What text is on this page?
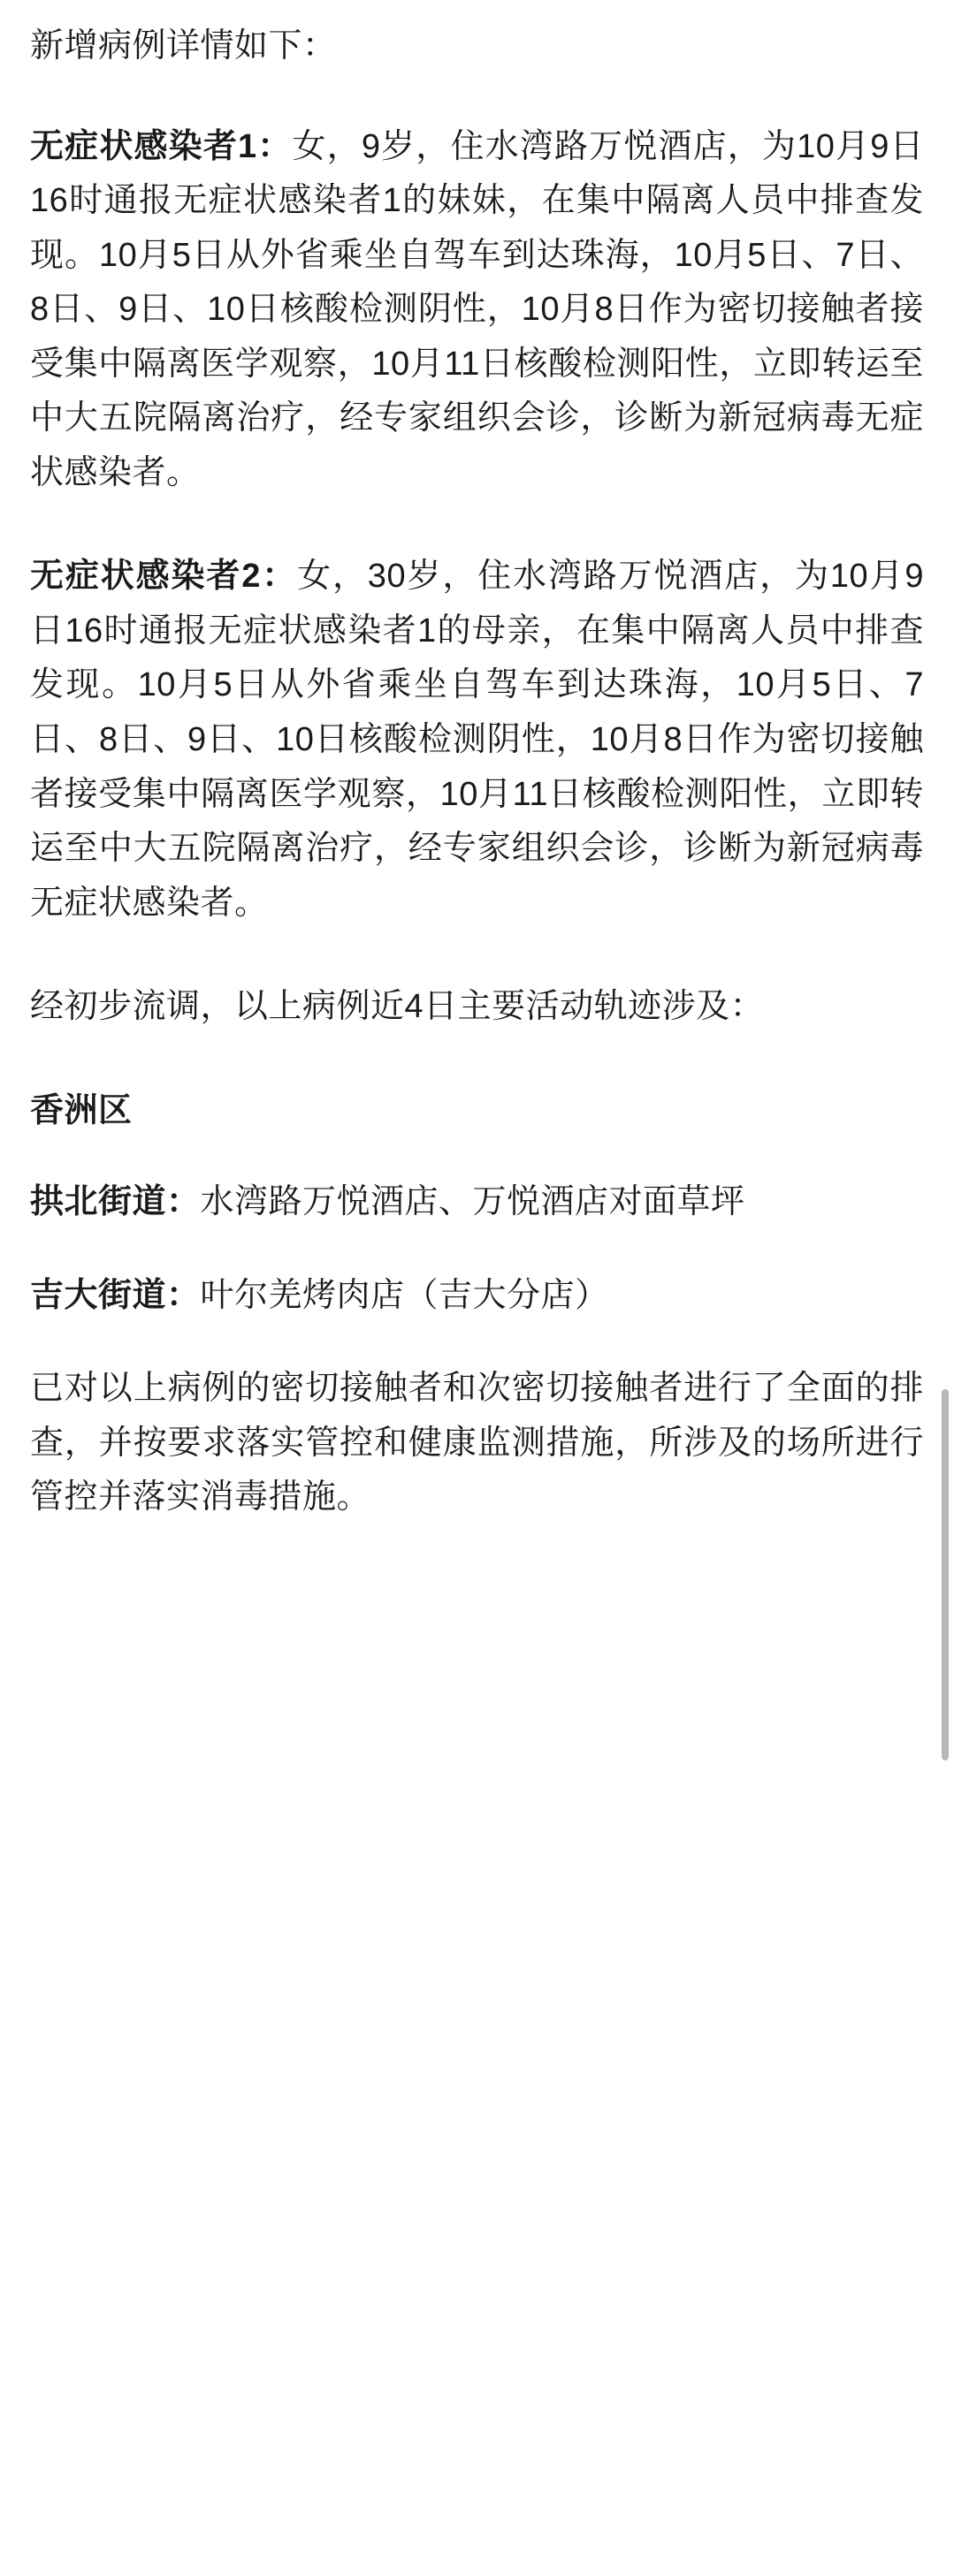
新增病例详情如下：

无症状感染者1：女，9岁，住水湾路万悦酒店，为10月9日16时通报无症状感染者1的妹妹，在集中隔离人员中排查发现。10月5日从外省乘坐自驾车到达珠海，10月5日、7日、8日、9日、10日核酸检测阴性，10月8日作为密切接触者接受集中隔离医学观察，10月11日核酸检测阳性，立即转运至中大五院隔离治疗，经专家组织会诊，诊断为新冠病毒无症状感染者。

无症状感染者2：女，30岁，住水湾路万悦酒店，为10月9日16时通报无症状感染者1的母亲，在集中隔离人员中排查发现。10月5日从外省乘坐自驾车到达珠海，10月5日、7日、8日、9日、10日核酸检测阴性，10月8日作为密切接触者接受集中隔离医学观察，10月11日核酸检测阳性，立即转运至中大五院隔离治疗，经专家组织会诊，诊断为新冠病毒无症状感染者。

经初步流调，以上病例近4日主要活动轨迹涉及：

香洲区

拱北街道：水湾路万悦酒店、万悦酒店对面草坪

吉大街道：叶尔羌烤肉店（吉大分店）

已对以上病例的密切接触者和次密切接触者进行了全面的排查，并按要求落实管控和健康监测措施，所涉及的场所进行管控并落实消毒措施。
